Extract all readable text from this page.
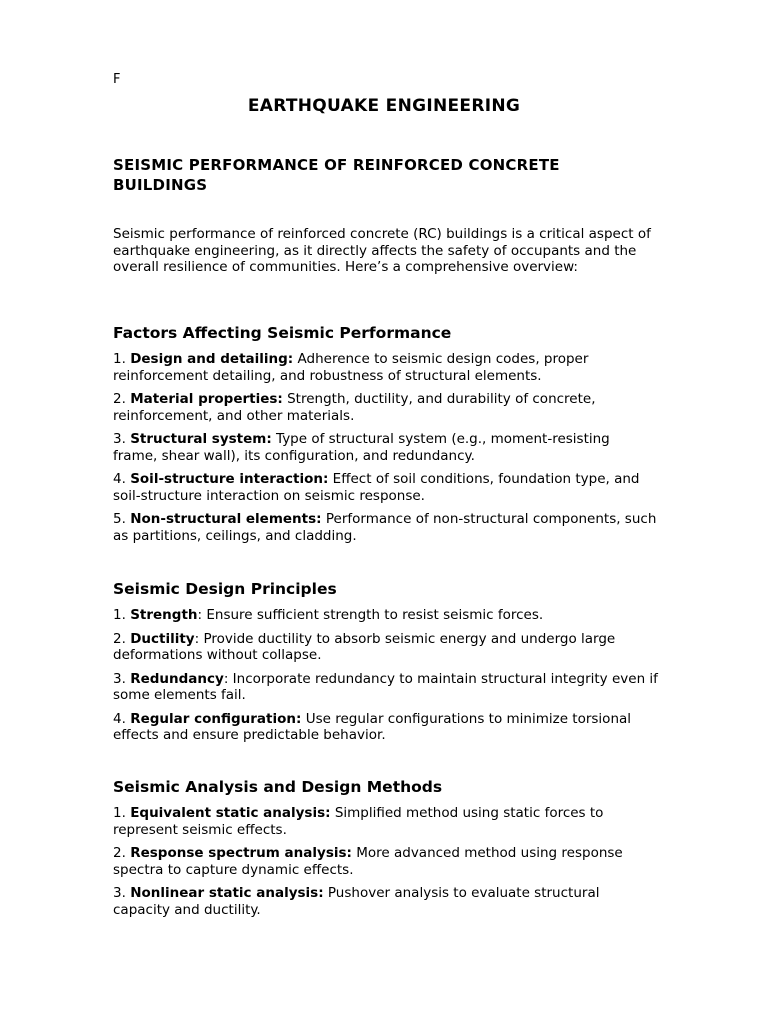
F
EARTHQUAKE ENGINEERING
SEISMIC PERFORMANCE OF REINFORCED CONCRETE BUILDINGS
Seismic performance of reinforced concrete (RC) buildings is a critical aspect of earthquake engineering, as it directly affects the safety of occupants and the overall resilience of communities. Here’s a comprehensive overview:
Factors Affecting Seismic Performance
1. Design and detailing: Adherence to seismic design codes, proper reinforcement detailing, and robustness of structural elements.
2. Material properties: Strength, ductility, and durability of concrete, reinforcement, and other materials.
3. Structural system: Type of structural system (e.g., moment-resisting frame, shear wall), its configuration, and redundancy.
4. Soil-structure interaction: Effect of soil conditions, foundation type, and soil-structure interaction on seismic response.
5. Non-structural elements: Performance of non-structural components, such as partitions, ceilings, and cladding.
Seismic Design Principles
1. Strength: Ensure sufficient strength to resist seismic forces.
2. Ductility: Provide ductility to absorb seismic energy and undergo large deformations without collapse.
3. Redundancy: Incorporate redundancy to maintain structural integrity even if some elements fail.
4. Regular configuration: Use regular configurations to minimize torsional effects and ensure predictable behavior.
Seismic Analysis and Design Methods
1. Equivalent static analysis: Simplified method using static forces to represent seismic effects.
2. Response spectrum analysis: More advanced method using response spectra to capture dynamic effects.
3. Nonlinear static analysis: Pushover analysis to evaluate structural capacity and ductility.
